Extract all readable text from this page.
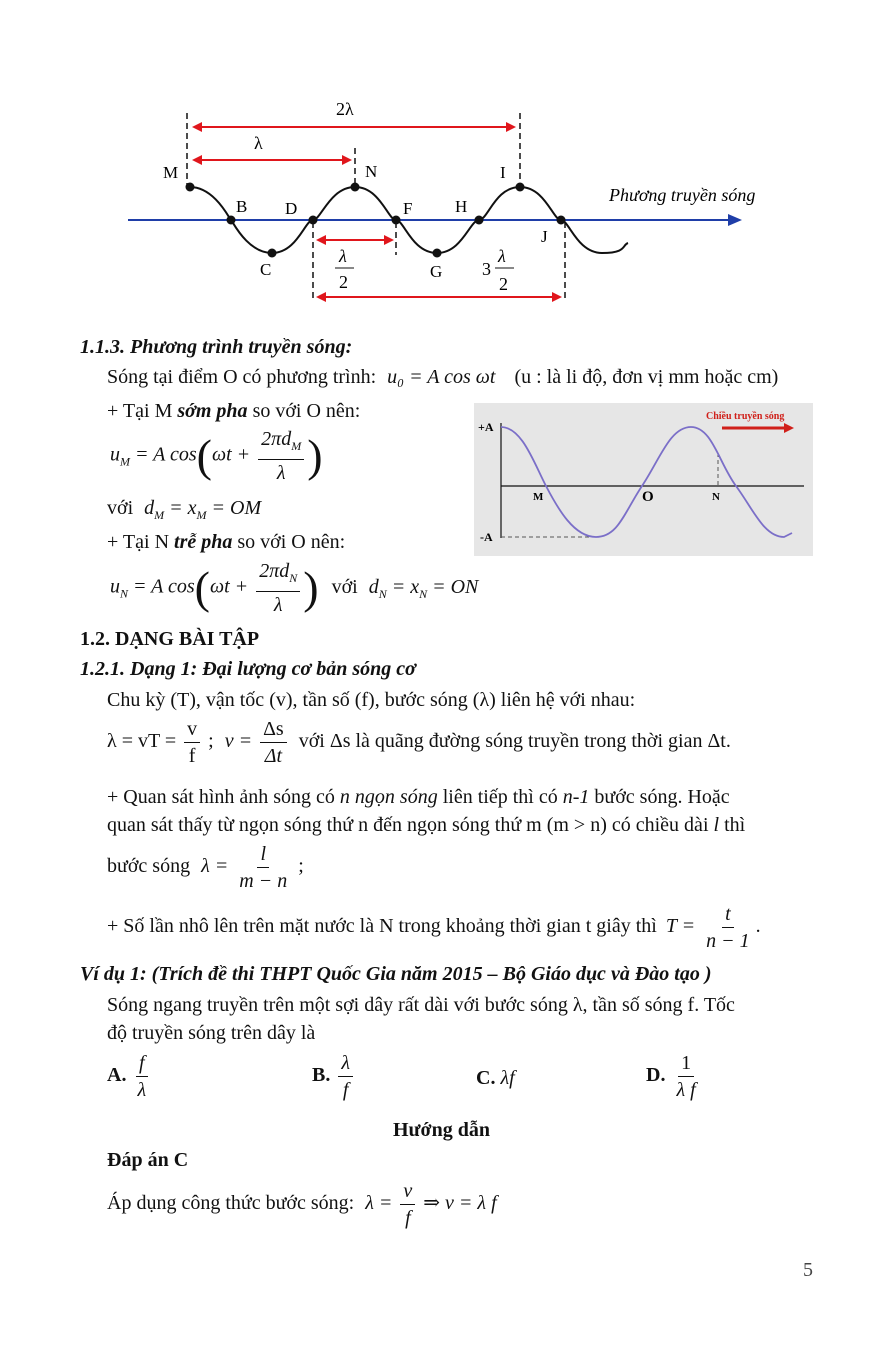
2λ
λ
M
B D
N
F	H
I
J
C	G
λ
2
3
λ
2
Phương truyền sóng
1.1.3. Phương trình truyền sóng:
Sóng tại điểm O có phương trình: u₀ = A cos ωt (u : là li độ, đơn vị mm hoặc cm)
+ Tại M sớm pha so với O nên:
$u_M = A$ $\cos(\omega t + \frac{2\pi d_M}{\lambda}$ )
với $d_M = x_M$ = OM
+ Tại N trễ pha so với O nên:
$u_N = A$ $\cos(\omega t + \frac{2\pi d_N}{\lambda}$ ) với $d_N = x_N$ = ON
+A
-A
M	O	N
Chiều truyền sóng
1.2. DẠNG BÀI TẬP
1.2.1. Dạng 1: Đại lượng cơ bản sóng cơ
Chu kỳ (T), vận tốc (v), tần số (f), bước sóng (λ) liên hệ với nhau:
λ = vT = $\frac{v}{f}$ ; $v = \frac{\Delta s}{\Delta t}$ với Δs là quãng đường sóng truyền trong thời gian Δt.
+ Quan sát hình ảnh sóng có n ngọn sóng liên tiếp thì có n-1 bước sóng. Hoặc
quan sát thấy từ ngọn sóng thứ n đến ngọn sóng thứ m (m > n) có chiều dài l thì
bước sóng $\lambda = \frac{l}{m - n}$ ;
+ Số lần nhô lên trên mặt nước là N trong khoảng thời gian t giây thì $T = \frac{t}{n - 1}$ .
Ví dụ 1: (Trích đề thi THPT Quốc Gia năm 2015 – Bộ Giáo dục và Đào tạo )
Sóng ngang truyền trên một sợi dây rất dài với bước sóng λ, tần số sóng f. Tốc
độ truyền sóng trên dây là
A. $\frac{f}{\lambda}$	B. $\frac{\lambda}{f}$	C. λf	D. $\frac{1}{\text{λ f}}$
Hướng dẫn
Đáp án C
Áp dụng công thức bước sóng: $\lambda = \frac{v}{f}$ ⇒ v = λ f
5
